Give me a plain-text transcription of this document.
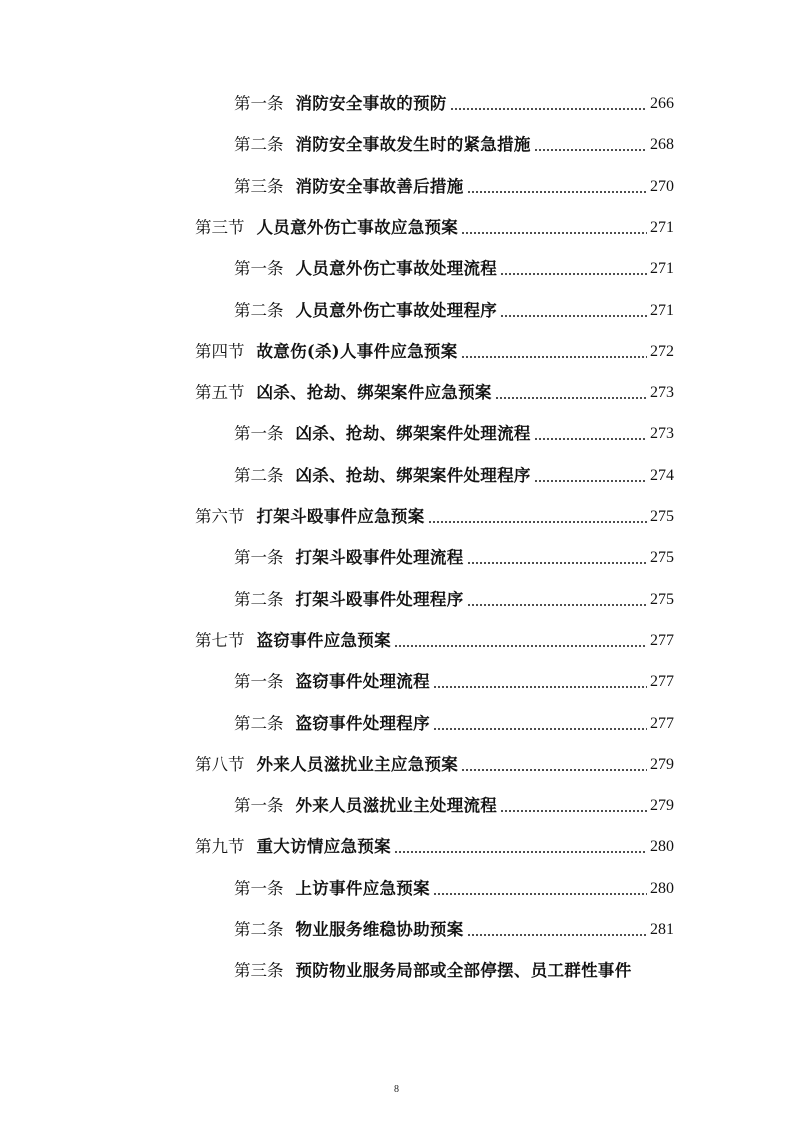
第一条 消防安全事故的预防	266
第二条 消防安全事故发生时的紧急措施	268
第三条 消防安全事故善后措施	270
第三节 人员意外伤亡事故应急预案	271
第一条 人员意外伤亡事故处理流程	271
第二条 人员意外伤亡事故处理程序	271
第四节 故意伤(杀)人事件应急预案	272
第五节 凶杀、抢劫、绑架案件应急预案	273
第一条 凶杀、抢劫、绑架案件处理流程	273
第二条 凶杀、抢劫、绑架案件处理程序	274
第六节 打架斗殴事件应急预案	275
第一条 打架斗殴事件处理流程	275
第二条 打架斗殴事件处理程序	275
第七节 盗窃事件应急预案	277
第一条 盗窃事件处理流程	277
第二条 盗窃事件处理程序	277
第八节 外来人员滋扰业主应急预案	279
第一条 外来人员滋扰业主处理流程	279
第九节 重大访情应急预案	280
第一条 上访事件应急预案	280
第二条 物业服务维稳协助预案	281
第三条 预防物业服务局部或全部停摆、员工群性事件
8
